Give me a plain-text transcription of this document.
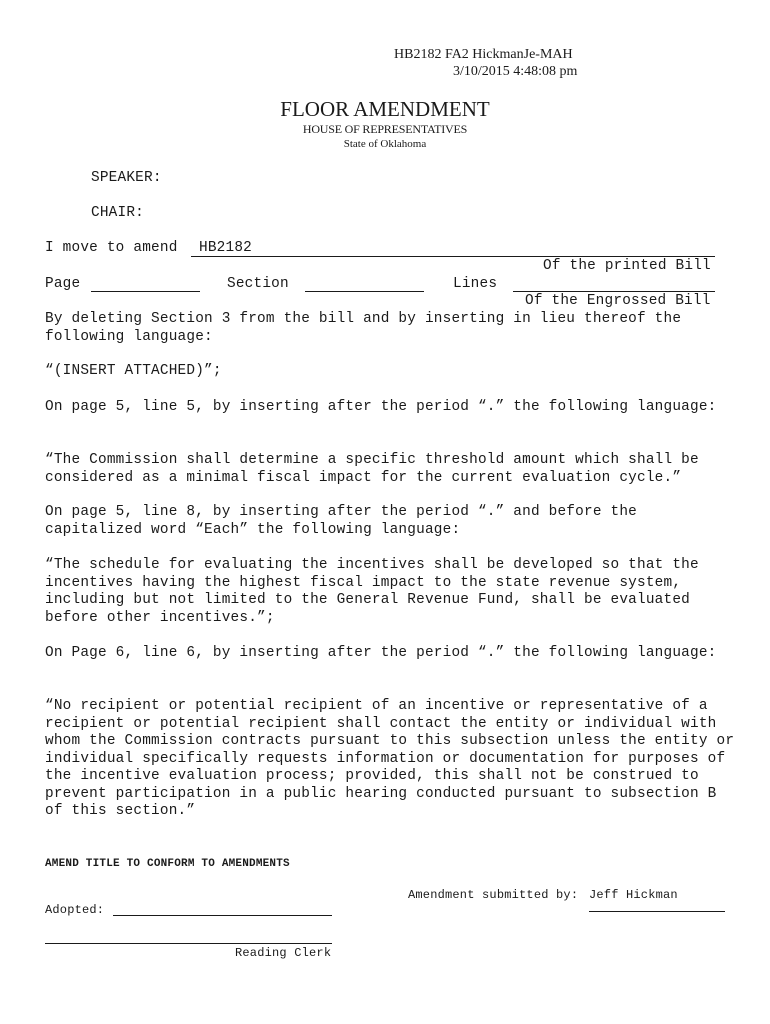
HB2182 FA2 HickmanJe-MAH
3/10/2015 4:48:08 pm
FLOOR AMENDMENT
HOUSE OF REPRESENTATIVES
State of Oklahoma
SPEAKER:
CHAIR:
I move to amend HB2182
Of the printed Bill
Page	Section	Lines
Of the Engrossed Bill

By deleting Section 3 from the bill and by inserting in lieu thereof the following language:

“(INSERT ATTACHED)”;

On page 5, line 5, by inserting after the period “.” the following language:

“The Commission shall determine a specific threshold amount which shall be considered as a minimal fiscal impact for the current evaluation cycle.”

On page 5, line 8, by inserting after the period “.” and before the capitalized word “Each” the following language:

“The schedule for evaluating the incentives shall be developed so that the incentives having the highest fiscal impact to the state revenue system, including but not limited to the General Revenue Fund, shall be evaluated before other incentives.”;

On Page 6, line 6, by inserting after the period “.” the following language:

“No recipient or potential recipient of an incentive or representative of a recipient or potential recipient shall contact the entity or individual with whom the Commission contracts pursuant to this subsection unless the entity or individual specifically requests information or documentation for purposes of the incentive evaluation process; provided, this shall not be construed to prevent participation in a public hearing conducted pursuant to subsection B of this section.”

AMEND TITLE TO CONFORM TO AMENDMENTS
Amendment submitted by: Jeff Hickman
Adopted:
Reading Clerk
